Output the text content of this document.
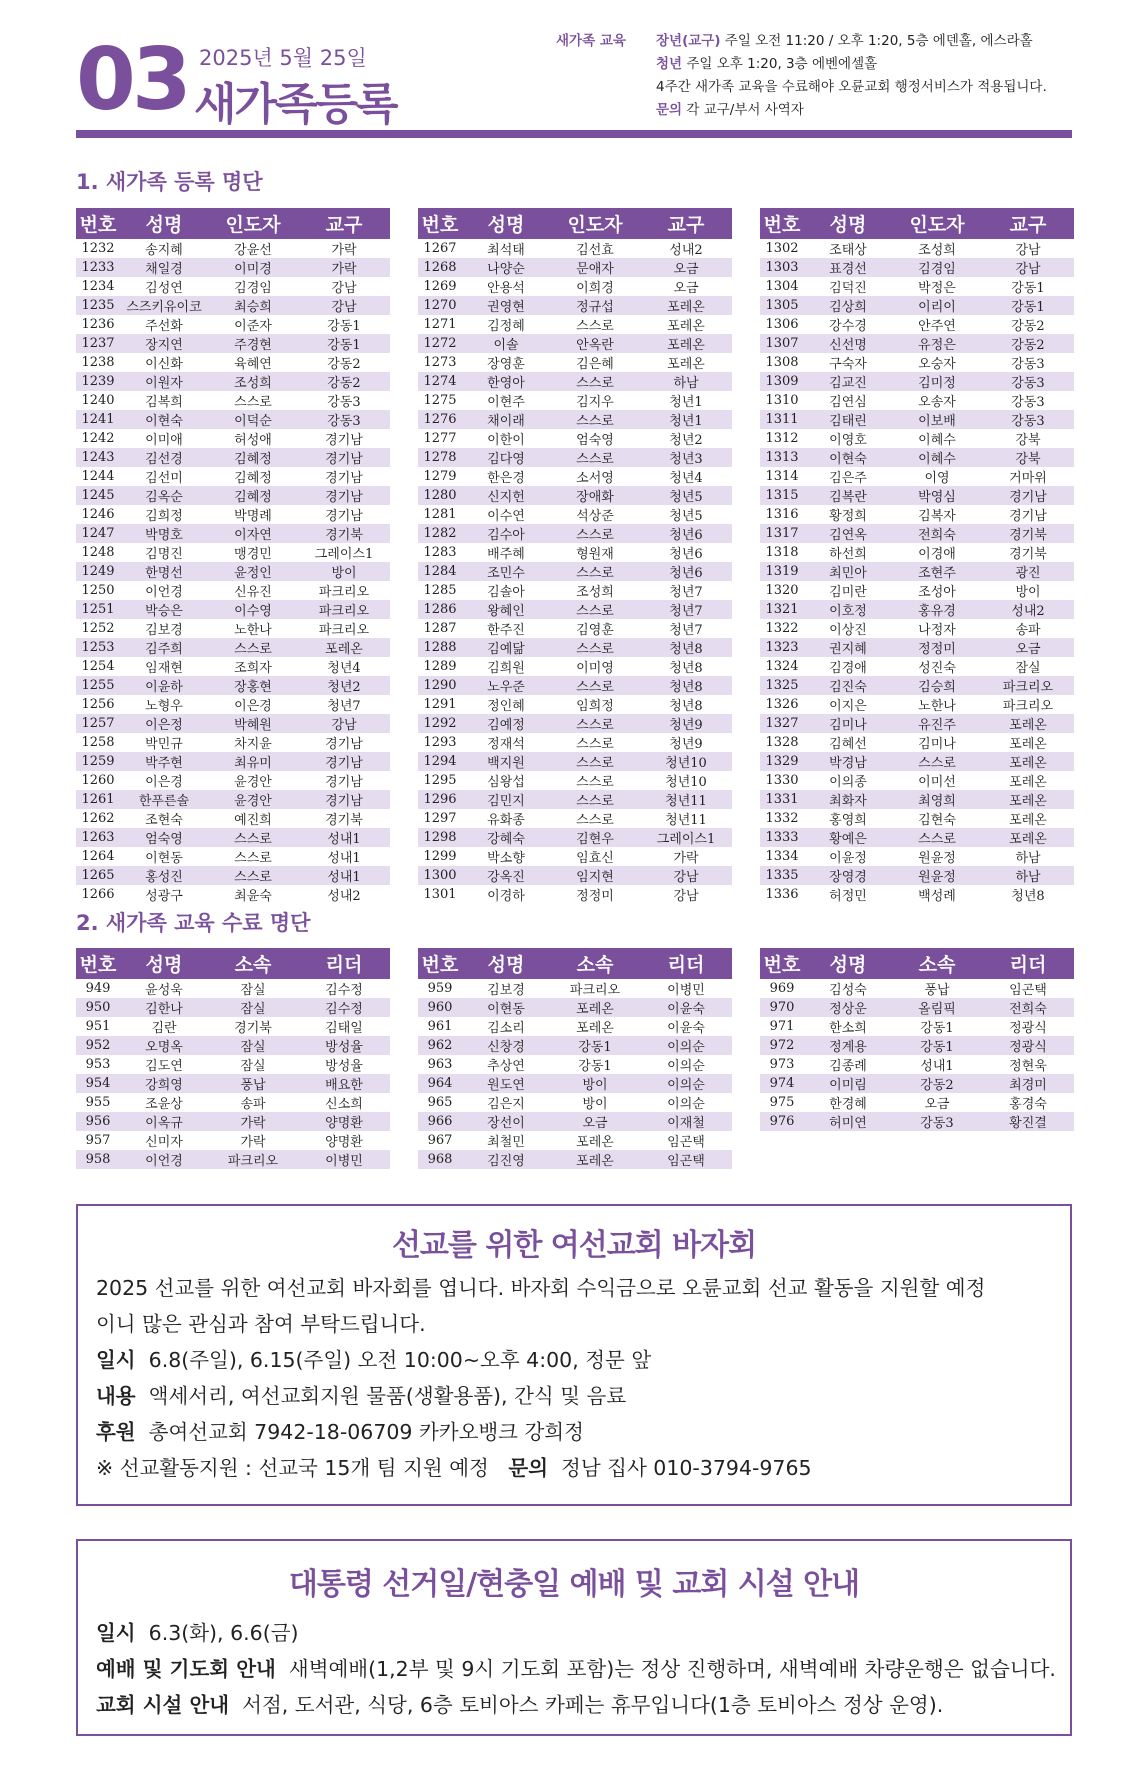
03 2025년 5월 25일
새가족등록
새가족 교육 장년(교구) 주일 오전 11:20 / 오후 1:20, 5층 에덴홀, 에스라홀
청년 주일 오후 1:20, 3층 에벤에셀홀
4주간 새가족 교육을 수료해야 오륜교회 행정서비스가 적용됩니다.
문의 각 교구/부서 사역자
1. 새가족 등록 명단
번호	성명	인도자	교구
1232	송지혜	강윤선	가락
1233	채일경	이미경	가락
1234	김성연	김경임	강남
1235	스즈키유이코	최승희	강남
1236	주선화	이준자	강동1
1237	장지연	주경현	강동1
1238	이신화	육혜연	강동2
1239	이원자	조성희	강동2
1240	김복희	스스로	강동3
1241	이현숙	이덕순	강동3
1242	이미애	허성애	경기남
1243	김선경	김혜정	경기남
1244	김선미	김혜정	경기남
1245	김옥순	김혜정	경기남
1246	김희정	박명례	경기남
1247	박명호	이자연	경기북
1248	김명진	맹경민	그레이스1
1249	한명선	윤정인	방이
1250	이언경	신유진	파크리오
1251	박승은	이수영	파크리오
1252	김보경	노한나	파크리오
1253	김주희	스스로	포레온
1254	임재현	조희자	청년4
1255	이윤하	장홍현	청년2
1256	노형우	이은경	청년7
1257	이은정	박혜원	강남
1258	박민규	차지윤	경기남
1259	박주현	최유미	경기남
1260	이은경	윤경안	경기남
1261	한푸른솔	윤경안	경기남
1262	조현숙	예진희	경기북
1263	엄숙영	스스로	성내1
1264	이현동	스스로	성내1
1265	홍성진	스스로	성내1
1266	성광구	최윤숙	성내2
번호	성명	인도자	교구
1267	최석태	김선효	성내2
1268	나양순	문애자	오금
1269	안용석	이희경	오금
1270	권영현	정규섭	포레온
1271	김정혜	스스로	포레온
1272	이솔	안옥란	포레온
1273	장영훈	김은혜	포레온
1274	한영아	스스로	하남
1275	이현주	김지우	청년1
1276	채이래	스스로	청년1
1277	이한이	엄숙영	청년2
1278	김다영	스스로	청년3
1279	한은경	소서영	청년4
1280	신지헌	장애화	청년5
1281	이수연	석상준	청년5
1282	김수아	스스로	청년6
1283	배주혜	형원재	청년6
1284	조민수	스스로	청년6
1285	김솔아	조성희	청년7
1286	왕혜인	스스로	청년7
1287	한주진	김영훈	청년7
1288	김예닮	스스로	청년8
1289	김희원	이미영	청년8
1290	노우준	스스로	청년8
1291	정인혜	임희정	청년8
1292	김예정	스스로	청년9
1293	정재석	스스로	청년9
1294	백지원	스스로	청년10
1295	심왕섭	스스로	청년10
1296	김민지	스스로	청년11
1297	유화종	스스로	청년11
1298	강혜숙	김현우	그레이스1
1299	박소향	임효신	가락
1300	강옥진	임지현	강남
1301	이경하	정정미	강남
번호	성명	인도자	교구
1302	조태상	조성희	강남
1303	표경선	김경임	강남
1304	김덕진	박정은	강동1
1305	김상희	이리이	강동1
1306	강수경	안주연	강동2
1307	신선명	유정은	강동2
1308	구숙자	오숭자	강동3
1309	김교진	김미정	강동3
1310	김연심	오송자	강동3
1311	김태린	이보배	강동3
1312	이영호	이혜수	강북
1313	이현숙	이혜수	강북
1314	김은주	이영	거마위
1315	김복란	박영심	경기남
1316	황정희	김복자	경기남
1317	김연옥	전희숙	경기북
1318	하선희	이경애	경기북
1319	최민아	조현주	광진
1320	김미란	조성아	방이
1321	이호정	홍유경	성내2
1322	이상진	나정자	송파
1323	권지혜	정정미	오금
1324	김경애	성진숙	잠실
1325	김진숙	김승희	파크리오
1326	이지은	노한나	파크리오
1327	김미나	유진주	포레온
1328	김혜선	김미나	포레온
1329	박경남	스스로	포레온
1330	이의종	이미선	포레온
1331	최화자	최영희	포레온
1332	홍영희	김현숙	포레온
1333	황예은	스스로	포레온
1334	이윤정	원윤정	하남
1335	장영경	원윤정	하남
1336	허정민	백성례	청년8
2. 새가족 교육 수료 명단
번호	성명	소속	리더
949	윤성욱	잠실	김수정
950	김한나	잠실	김수정
951	김란	경기북	김태일
952	오명옥	잠실	방성율
953	김도연	잠실	방성율
954	강희영	풍납	배요한
955	조윤상	송파	신소희
956	이옥규	가락	양명환
957	신미자	가락	양명환
958	이언경	파크리오	이병민
번호	성명	소속	리더
959	김보경	파크리오	이병민
960	이현동	포레온	이윤숙
961	김소리	포레온	이윤숙
962	신창경	강동1	이의순
963	추상연	강동1	이의순
964	원도연	방이	이의순
965	김은지	방이	이의순
966	장선이	오금	이재철
967	최철민	포레온	임곤택
968	김진영	포레온	임곤택
번호	성명	소속	리더
969	김성숙	풍납	임곤택
970	정상운	올림픽	전희숙
971	한소희	강동1	정광식
972	정계용	강동1	정광식
973	김종례	성내1	정현욱
974	이미림	강동2	최경미
975	한경혜	오금	홍경숙
976	허미연	강동3	황진결
선교를 위한 여선교회 바자회

2025 선교를 위한 여선교회 바자회를 엽니다. 바자회 수익금으로 오륜교회 선교 활동을 지원할 예정

이니 많은 관심과 참여 부탁드립니다.

일시 6.8(주일), 6.15(주일) 오전 10:00~오후 4:00, 정문 앞

내용 액세서리, 여선교회지원 물품(생활용품), 간식 및 음료

후원 총여선교회 7942-18-06709 카카오뱅크 강희정

※ 선교활동지원 : 선교국 15개 팀 지원 예정 문의 정남 집사 010-3794-9765

대통령 선거일/현충일 예배 및 교회 시설 안내

일시 6.3(화), 6.6(금)

예배 및 기도회 안내 새벽예배(1,2부 및 9시 기도회 포함)는 정상 진행하며, 새벽예배 차량운행은 없습니다.

교회 시설 안내 서점, 도서관, 식당, 6층 토비아스 카페는 휴무입니다(1층 토비아스 정상 운영).
